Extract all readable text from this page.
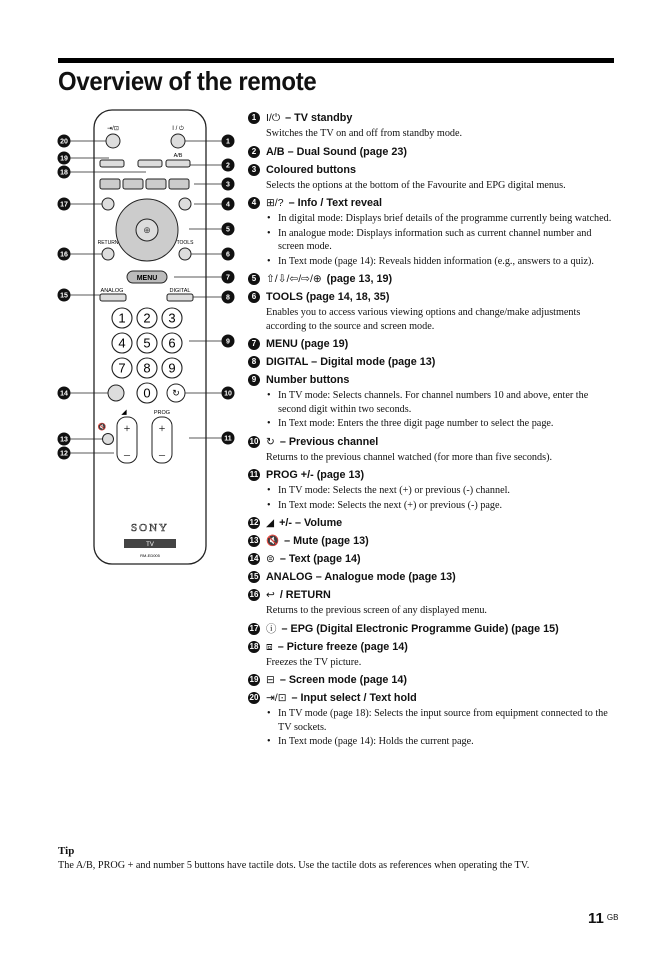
Overview of the remote
⇥/⊡	I / ⏻
A/B
⊕
RETURN	TOOLS
MENU
ANALOG	DIGITAL
1 2 3
4 5 6
7 8 9
0 ↻
◢	PROG
🔇 +
–
+
–
SONY
TV
RM-ED005
20
19
18
17
16
15
14
13
12
1
2
3
4
5
6
7
8
9
10
11
1 I/⏻ – TV standby

Switches the TV on and off from standby mode.

2 A/B – Dual Sound (page 23)
3 Coloured buttons

Selects the options at the bottom of the Favourite and EPG digital menus.

4 ⊞/? – Info / Text reveal
• In digital mode: Displays brief details of the programme currently being watched.
• In analogue mode: Displays information such as current channel number and screen mode.
• In Text mode (page 14): Reveals hidden information (e.g., answers to a quiz).
5 ⇧/⇩/⇦/⇨/⊕ (page 13, 19)
6 TOOLS (page 14, 18, 35)

Enables you to access various viewing options and change/make adjustments according to the source and screen mode.

7 MENU (page 19)
8 DIGITAL – Digital mode (page 13)
9 Number buttons
• In TV mode: Selects channels. For channel numbers 10 and above, enter the second digit within two seconds.
• In Text mode: Enters the three digit page number to select the page.
10 ↻ – Previous channel

Returns to the previous channel watched (for more than five seconds).

11 PROG +/- (page 13)
• In TV mode: Selects the next (+) or previous (-) channel.
• In Text mode: Selects the next (+) or previous (-) page.
12 ◢ +/- – Volume
13 🔇 – Mute (page 13)
14 ⊜ – Text (page 14)
15 ANALOG – Analogue mode (page 13)
16 ↩ / RETURN

Returns to the previous screen of any displayed menu.

17 ⓘ – EPG (Digital Electronic Programme Guide) (page 15)
18 ⧈ – Picture freeze (page 14)

Freezes the TV picture.

19 ⊟ – Screen mode (page 14)
20 ⇥/⊡ – Input select / Text hold
• In TV mode (page 18): Selects the input source from equipment connected to the TV sockets.
• In Text mode (page 14): Holds the current page.
Tip
The A/B, PROG + and number 5 buttons have tactile dots. Use the tactile dots as references when operating the TV.
11 $^{GB}$
